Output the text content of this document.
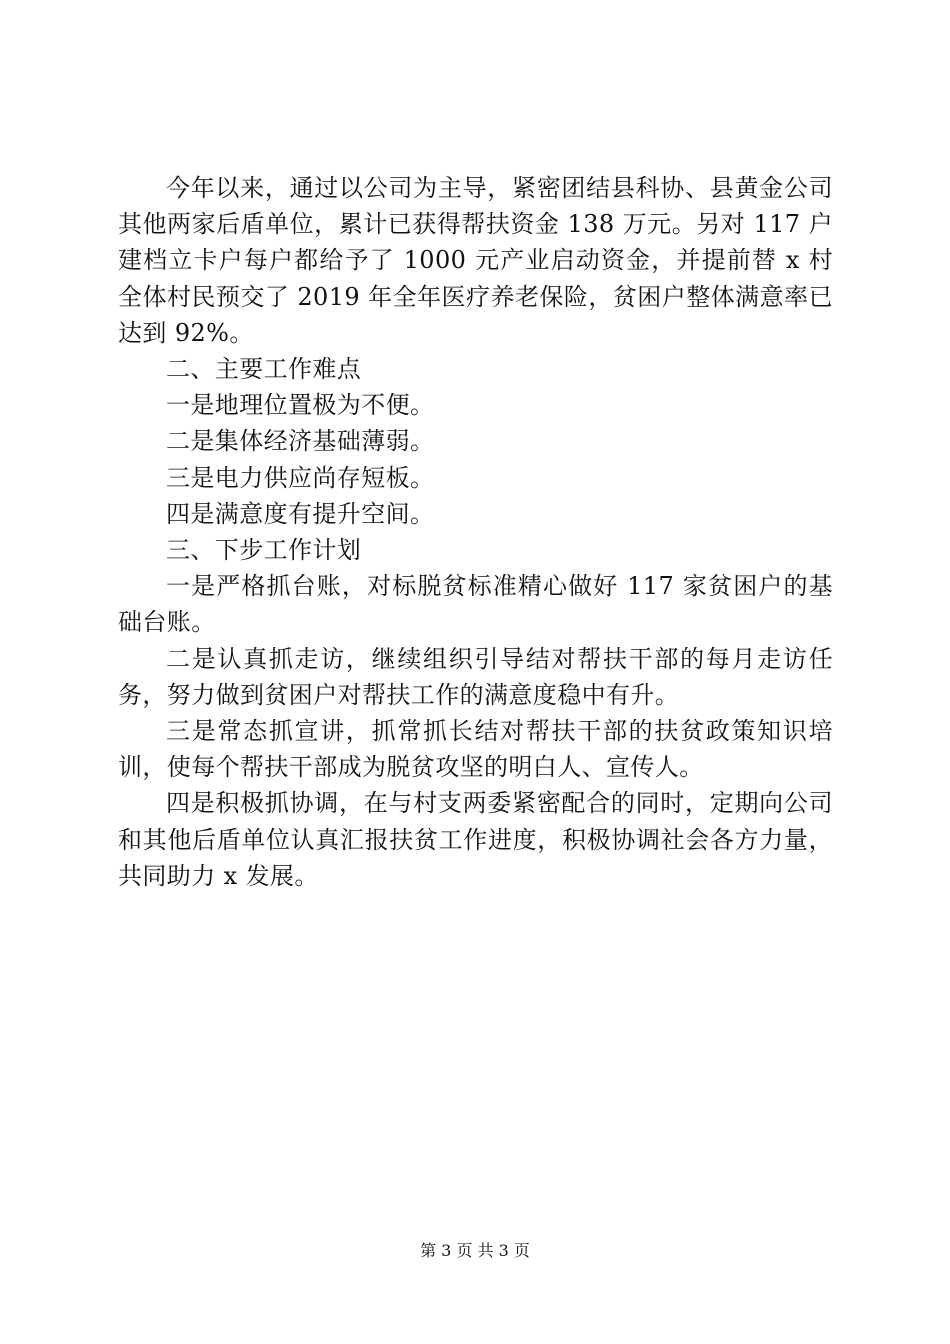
今年以来，通过以公司为主导，紧密团结县科协、县黄金公司其他两家后盾单位，累计已获得帮扶资金 138 万元。另对 117 户建档立卡户每户都给予了 1000 元产业启动资金，并提前替 x 村全体村民预交了 2019 年全年医疗养老保险，贫困户整体满意率已达到 92%。

二、主要工作难点

一是地理位置极为不便。

二是集体经济基础薄弱。

三是电力供应尚存短板。

四是满意度有提升空间。

三、下步工作计划

一是严格抓台账，对标脱贫标准精心做好 117 家贫困户的基础台账。

二是认真抓走访，继续组织引导结对帮扶干部的每月走访任务，努力做到贫困户对帮扶工作的满意度稳中有升。

三是常态抓宣讲，抓常抓长结对帮扶干部的扶贫政策知识培训，使每个帮扶干部成为脱贫攻坚的明白人、宣传人。

四是积极抓协调，在与村支两委紧密配合的同时，定期向公司和其他后盾单位认真汇报扶贫工作进度，积极协调社会各方力量，共同助力 x 发展。

第 3 页 共 3 页
